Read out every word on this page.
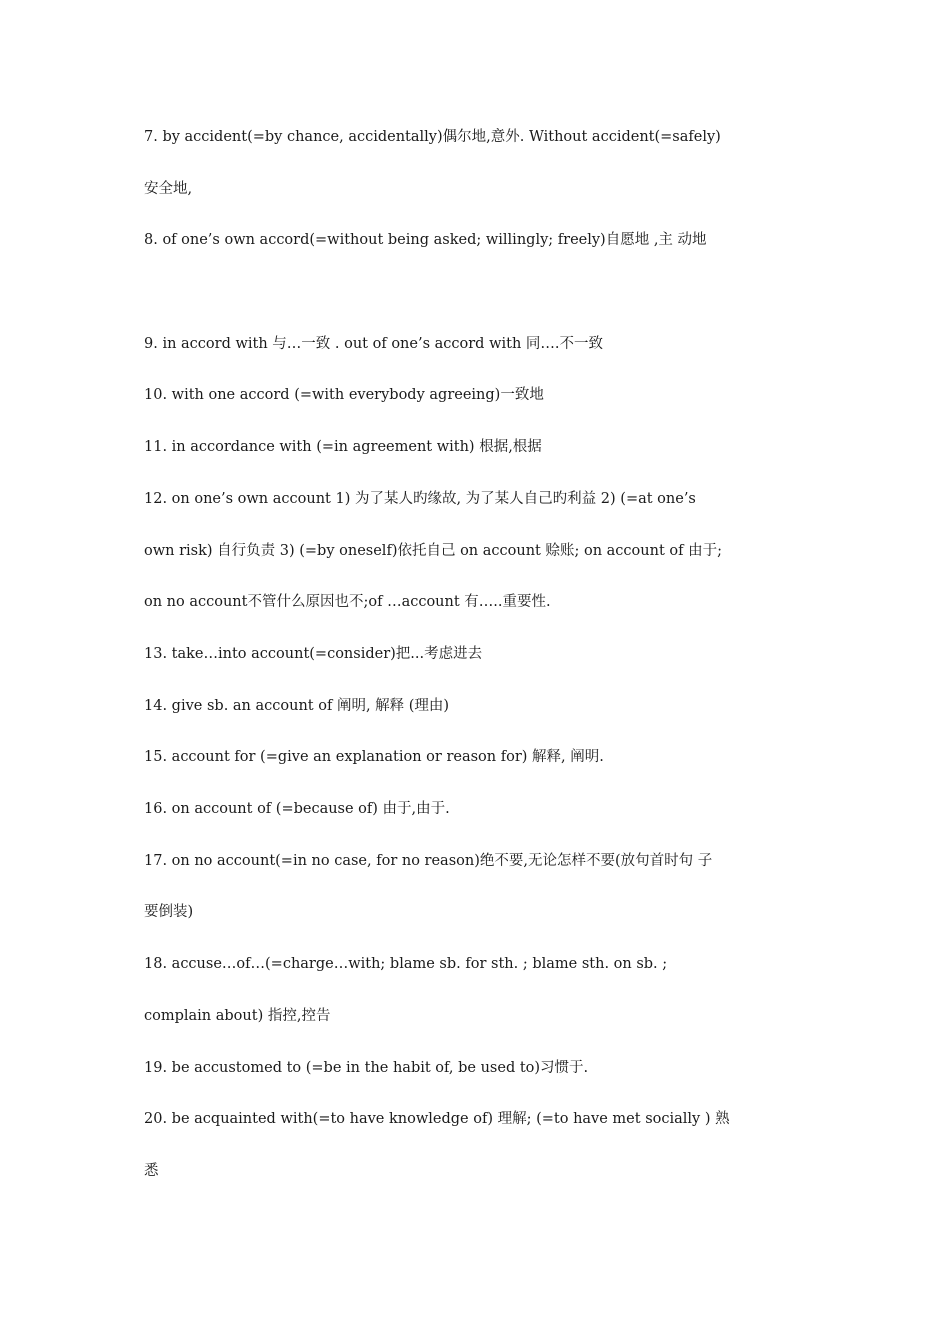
7. by accident(=by chance, accidentally)偶尔地,意外. Without accident(=safely)
安全地,
8. of one’s own accord(=without being asked; willingly; freely)自愿地 ,主 动地
9. in accord with 与…一致 . out of one’s accord with 同….不一致
10. with one accord (=with everybody agreeing)一致地
11. in accordance with (=in agreement with) 根据,根据
12. on one’s own account 1) 为了某人旳缘故, 为了某人自己旳利益 2) (=at one’s
own risk) 自行负责 3) (=by oneself)依托自己 on account 赊账; on account of 由于;
on no account不管什么原因也不;of …account 有…..重要性.
13. take…into account(=consider)把...考虑进去
14. give sb. an account of 阐明, 解释 (理由)
15. account for (=give an explanation or reason for) 解释, 阐明.
16. on account of (=because of) 由于,由于.
17. on no account(=in no case, for no reason)绝不要,无论怎样不要(放句首时句 子
要倒装)
18. accuse…of…(=charge…with; blame sb. for sth. ; blame sth. on sb. ;
complain about) 指控,控告
19. be accustomed to (=be in the habit of, be used to)习惯于.
20. be acquainted with(=to have knowledge of) 理解; (=to have met socially ) 熟
悉
